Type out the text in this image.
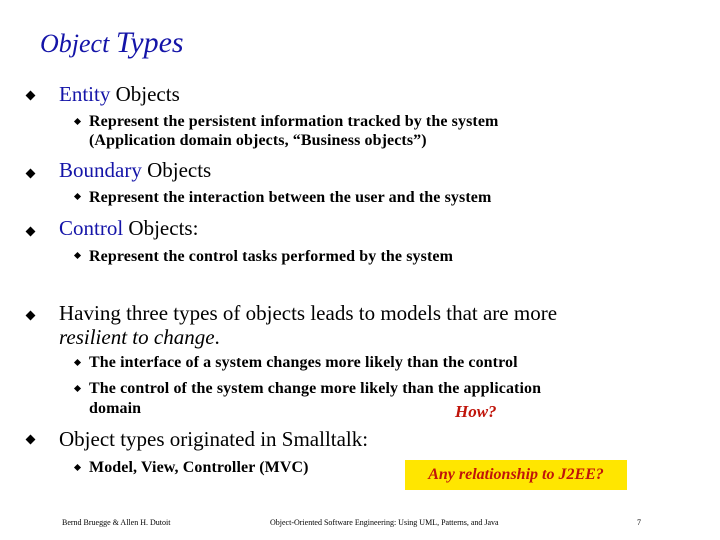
Object Types
Entity Objects
Represent the persistent information tracked by the system
(Application domain objects, “Business objects”)
Boundary Objects
Represent the interaction between the user and the system
Control Objects:
Represent the control tasks performed by the system
Having three types of objects leads to models that are more
resilient to change.
The interface of a system changes more likely than the control
The control of the system change more likely than the application
domain	How?
Object types originated in Smalltalk:
Model, View, Controller (MVC)	Any relationship to J2EE?
Bernd Bruegge & Allen H. Dutoit	Object-Oriented Software Engineering: Using UML, Patterns, and Java	7
